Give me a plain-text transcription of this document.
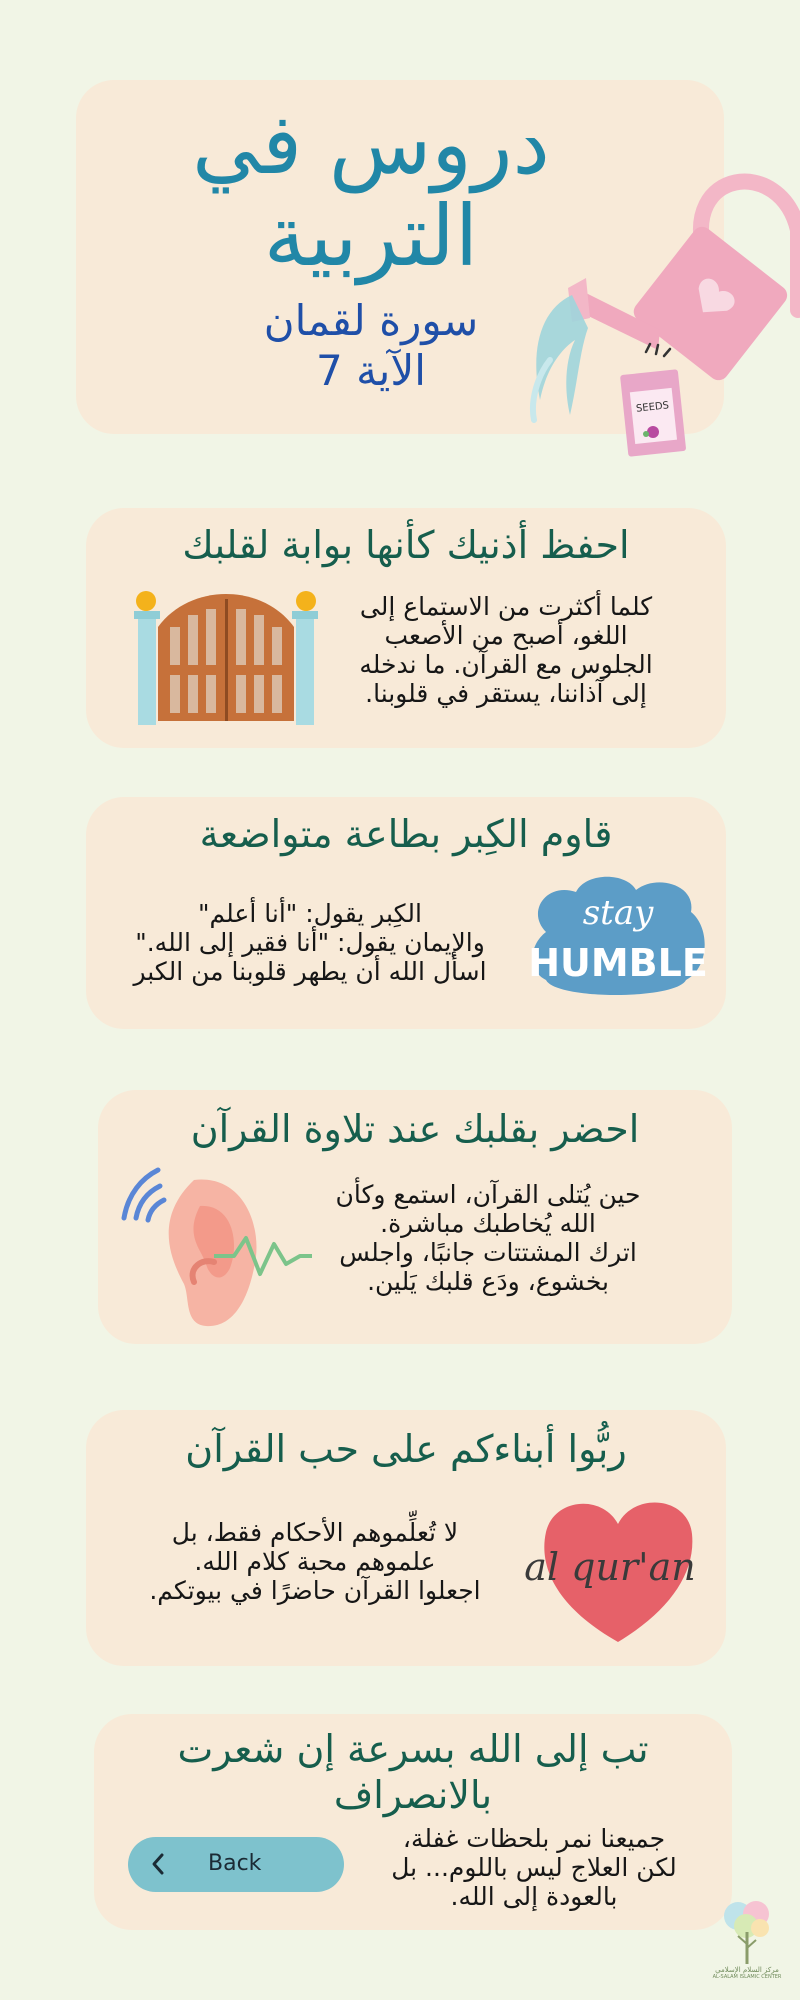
دروس في
التربية
سورة لقمان
الآية 7
SEEDS
احفظ أذنيك كأنها بوابة لقلبك
كلما أكثرت من الاستماع إلى
اللغو، أصبح من الأصعب
الجلوس مع القرآن. ما ندخله
إلى آذاننا، يستقر في قلوبنا.
قاوم الكِبر بطاعة متواضعة
الكِبر يقول: "أنا أعلم"
والإيمان يقول: "أنا فقير إلى الله."
اسأل الله أن يطهر قلوبنا من الكبر
stay
HUMBLE
احضر بقلبك عند تلاوة القرآن
حين يُتلى القرآن، استمع وكأن
الله يُخاطبك مباشرة.
اترك المشتتات جانبًا، واجلس
بخشوع، ودَع قلبك يَلين.
ربُّوا أبناءكم على حب القرآن
لا تُعلِّموهم الأحكام فقط، بل
علموهم محبة كلام الله.
اجعلوا القرآن حاضرًا في بيوتكم.
al qur'an
تب إلى الله بسرعة إن شعرت
بالانصراف
جميعنا نمر بلحظات غفلة،
لكن العلاج ليس باللوم... بل
بالعودة إلى الله.
Back
مركز السلام الإسلامي
AL-SALAM ISLAMIC CENTER
